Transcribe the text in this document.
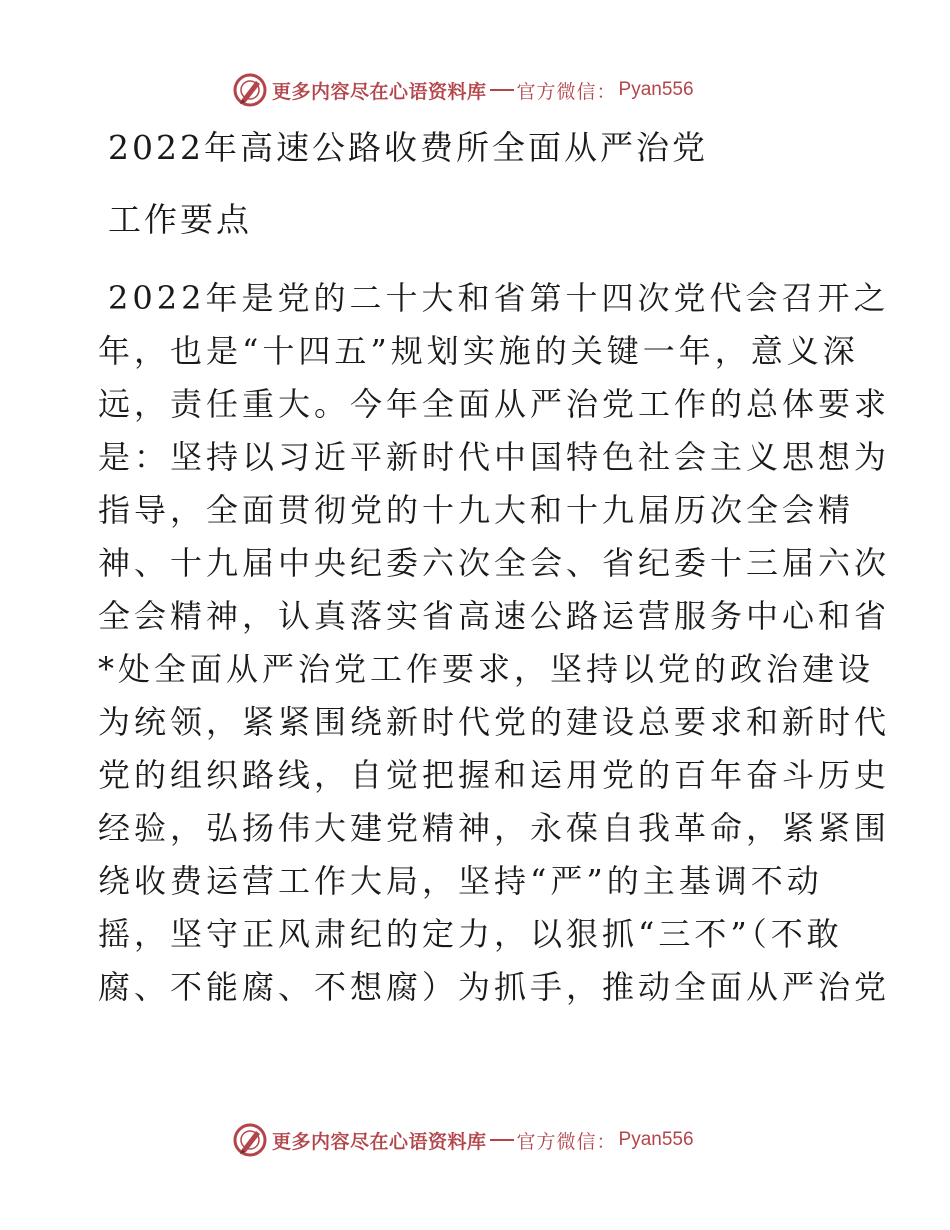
更多内容尽在心语资料库 官方微信： Pyan556
2022年高速公路收费所全面从严治党
工作要点
2022年是党的二十大和省第十四次党代会召开之
年，也是“十四五”规划实施的关键一年，意义深
远，责任重大。今年全面从严治党工作的总体要求
是：坚持以习近平新时代中国特色社会主义思想为
指导，全面贯彻党的十九大和十九届历次全会精
神、十九届中央纪委六次全会、省纪委十三届六次
全会精神，认真落实省高速公路运营服务中心和省
*处全面从严治党工作要求，坚持以党的政治建设
为统领，紧紧围绕新时代党的建设总要求和新时代
党的组织路线，自觉把握和运用党的百年奋斗历史
经验，弘扬伟大建党精神，永葆自我革命，紧紧围
绕收费运营工作大局，坚持“严”的主基调不动
摇，坚守正风肃纪的定力，以狠抓“三不”（不敢
腐、不能腐、不想腐）为抓手，推动全面从严治党
更多内容尽在心语资料库 官方微信： Pyan556
